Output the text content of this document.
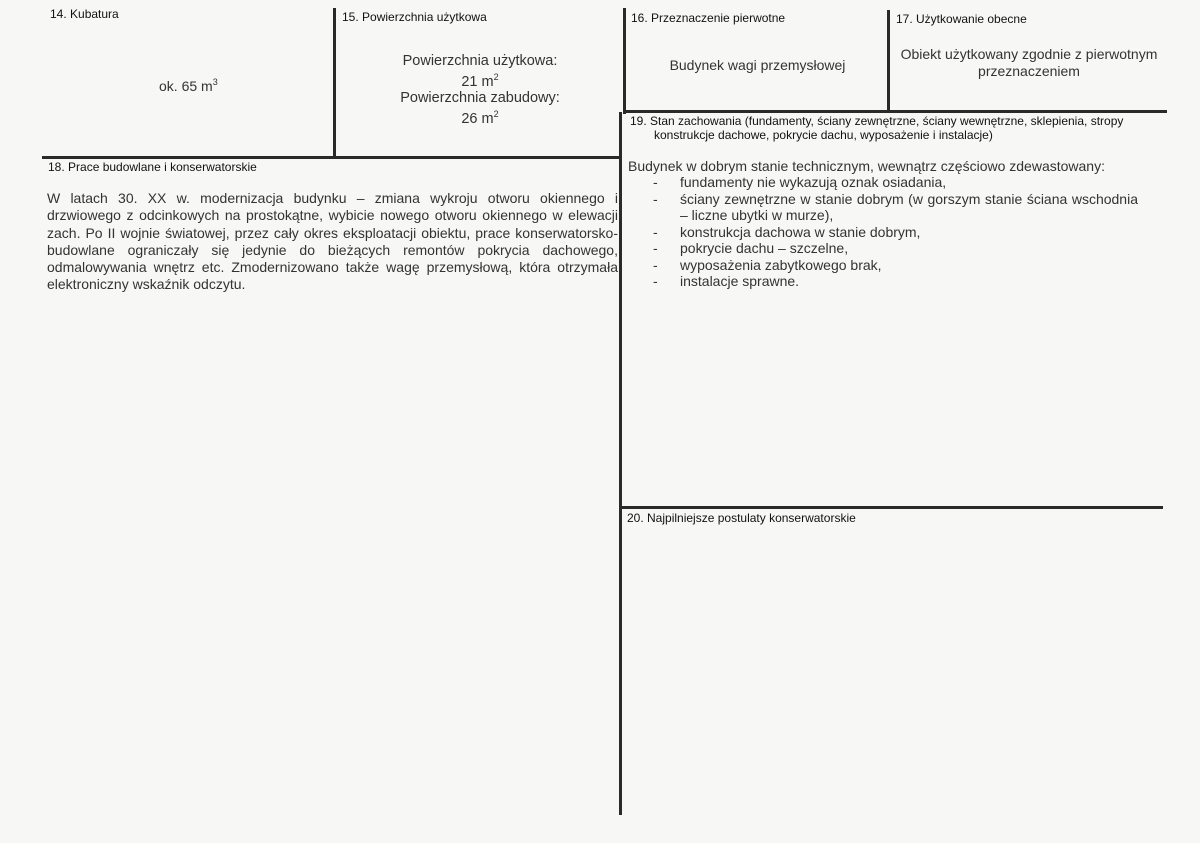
14. Kubatura
ok. 65 $m^3$
15. Powierzchnia użytkowa
Powierzchnia użytkowa:
21 $m^2$
Powierzchnia zabudowy:
26 $m^2$
16. Przeznaczenie pierwotne
Budynek wagi przemysłowej
17. Użytkowanie obecne
Obiekt użytkowany zgodnie z pierwotnym
przeznaczeniem
18. Prace budowlane i konserwatorskie
W latach 30. XX w. modernizacja budynku – zmiana wykroju otworu okiennego i drzwiowego z odcinkowych na prostokątne, wybicie nowego otworu okiennego w elewacji zach. Po II wojnie światowej, przez cały okres eksploatacji obiektu, prace konserwatorsko-budowlane ograniczały się jedynie do bieżących remontów pokrycia dachowego, odmalowywania wnętrz etc. Zmodernizowano także wagę przemysłową, która otrzymała elektroniczny wskaźnik odczytu.
19. Stan zachowania (fundamenty, ściany zewnętrzne, ściany wewnętrzne, sklepienia, stropy
konstrukcje dachowe, pokrycie dachu, wyposażenie i instalacje)
Budynek w dobrym stanie technicznym, wewnątrz częściowo zdewastowany:
- fundamenty nie wykazują oznak osiadania,
- ściany zewnętrzne w stanie dobrym (w gorszym stanie ściana wschodnia – liczne ubytki w murze),
- konstrukcja dachowa w stanie dobrym,
- pokrycie dachu – szczelne,
- wyposażenia zabytkowego brak,
- instalacje sprawne.
20. Najpilniejsze postulaty konserwatorskie
